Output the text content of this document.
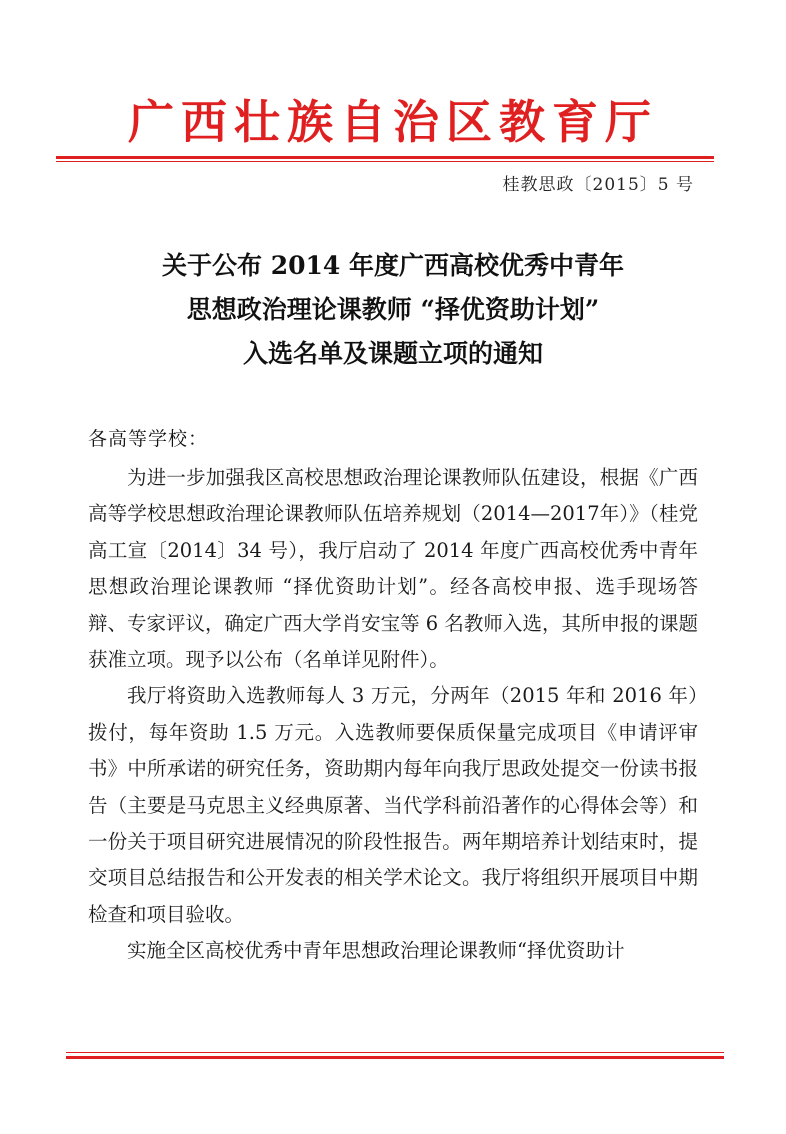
广西壮族自治区教育厅
桂教思政〔2015〕5 号
关于公布 2014 年度广西高校优秀中青年
思想政治理论课教师 “择优资助计划”
入选名单及课题立项的通知
各高等学校：

为进一步加强我区高校思想政治理论课教师队伍建设，根据《广西高等学校思想政治理论课教师队伍培养规划（2014—2017年）》（桂党高工宣〔2014〕34 号），我厅启动了 2014 年度广西高校优秀中青年思想政治理论课教师 “择优资助计划”。经各高校申报、选手现场答辩、专家评议，确定广西大学肖安宝等 6 名教师入选，其所申报的课题获准立项。现予以公布（名单详见附件）。

我厅将资助入选教师每人 3 万元，分两年（2015 年和 2016 年）拨付，每年资助 1.5 万元。入选教师要保质保量完成项目《申请评审书》中所承诺的研究任务，资助期内每年向我厅思政处提交一份读书报告（主要是马克思主义经典原著、当代学科前沿著作的心得体会等）和一份关于项目研究进展情况的阶段性报告。两年期培养计划结束时，提交项目总结报告和公开发表的相关学术论文。我厅将组织开展项目中期检查和项目验收。

实施全区高校优秀中青年思想政治理论课教师“择优资助计
